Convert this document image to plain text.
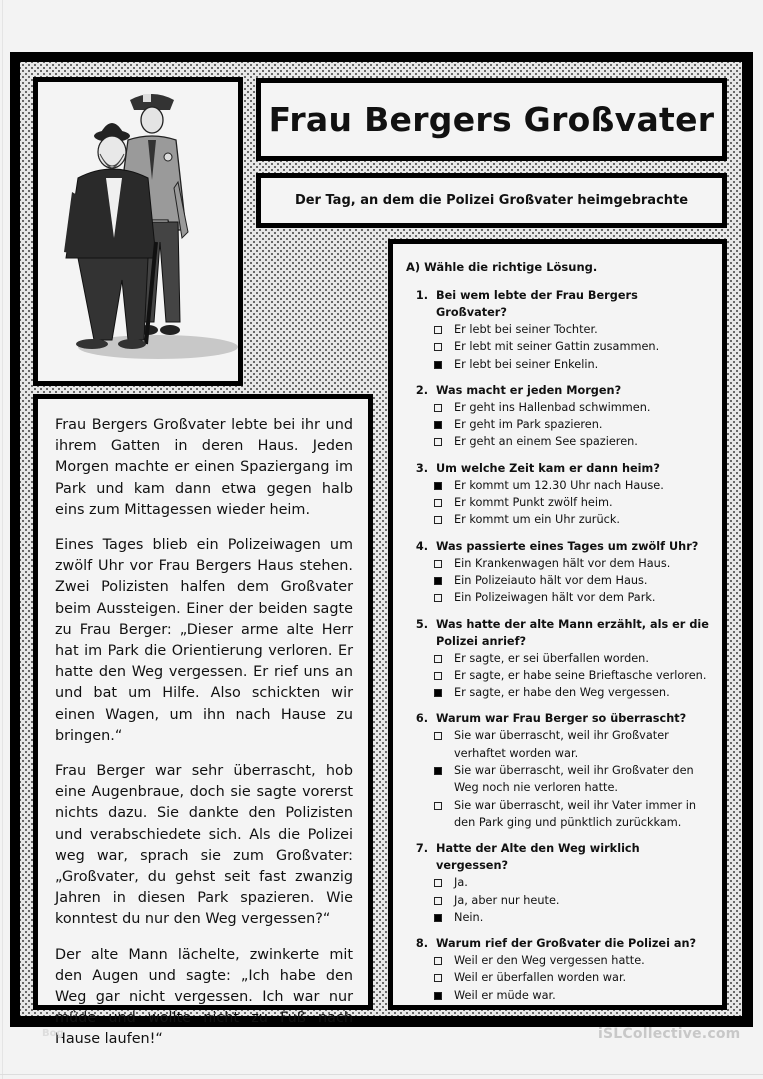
Frau Bergers Großvater
Der Tag, an dem die Polizei Großvater heimgebrachte

Frau Bergers Großvater lebte bei ihr und ihrem Gatten in deren Haus. Jeden Morgen machte er einen Spaziergang im Park und kam dann etwa gegen halb eins zum Mittagessen wieder heim.

Eines Tages blieb ein Polizeiwagen um zwölf Uhr vor Frau Bergers Haus stehen. Zwei Polizisten halfen dem Großvater beim Aussteigen. Einer der beiden sagte zu Frau Berger: „Dieser arme alte Herr hat im Park die Orientierung verloren. Er hatte den Weg vergessen. Er rief uns an und bat um Hilfe. Also schickten wir einen Wagen, um ihn nach Hause zu bringen.“

Frau Berger war sehr überrascht, hob eine Augenbraue, doch sie sagte vorerst nichts dazu. Sie dankte den Polizisten und verabschiedete sich. Als die Polizei weg war, sprach sie zum Großvater: „Großvater, du gehst seit fast zwanzig Jahren in diesen Park spazieren. Wie konntest du nur den Weg vergessen?“

Der alte Mann lächelte, zwinkerte mit den Augen und sagte: „Ich habe den Weg gar nicht vergessen. Ich war nur müde und wollte nicht zu Fuß nach Hause laufen!“

A) Wähle die richtige Lösung.
1. Bei wem lebte der Frau Bergers Großvater?
Er lebt bei seiner Tochter.
Er lebt mit seiner Gattin zusammen.
Er lebt bei seiner Enkelin.
2. Was macht er jeden Morgen?
Er geht ins Hallenbad schwimmen.
Er geht im Park spazieren.
Er geht an einem See spazieren.
3. Um welche Zeit kam er dann heim?
Er kommt um 12.30 Uhr nach Hause.
Er kommt Punkt zwölf heim.
Er kommt um ein Uhr zurück.
4. Was passierte eines Tages um zwölf Uhr?
Ein Krankenwagen hält vor dem Haus.
Ein Polizeiauto hält vor dem Haus.
Ein Polizeiwagen hält vor dem Park.
5. Was hatte der alte Mann erzählt, als er die Polizei anrief?
Er sagte, er sei überfallen worden.
Er sagte, er habe seine Brieftasche verloren.
Er sagte, er habe den Weg vergessen.
6. Warum war Frau Berger so überrascht?
Sie war überrascht, weil ihr Großvater verhaftet worden war.
Sie war überrascht, weil ihr Großvater den Weg noch nie verloren hatte.
Sie war überrascht, weil ihr Vater immer in den Park ging und pünktlich zurückkam.
7. Hatte der Alte den Weg wirklich vergessen?
Ja.
Ja, aber nur heute.
Nein.
8. Warum rief der Großvater die Polizei an?
Weil er den Weg vergessen hatte.
Weil er überfallen worden war.
Weil er müde war.
Bog	iSLCollective.com
